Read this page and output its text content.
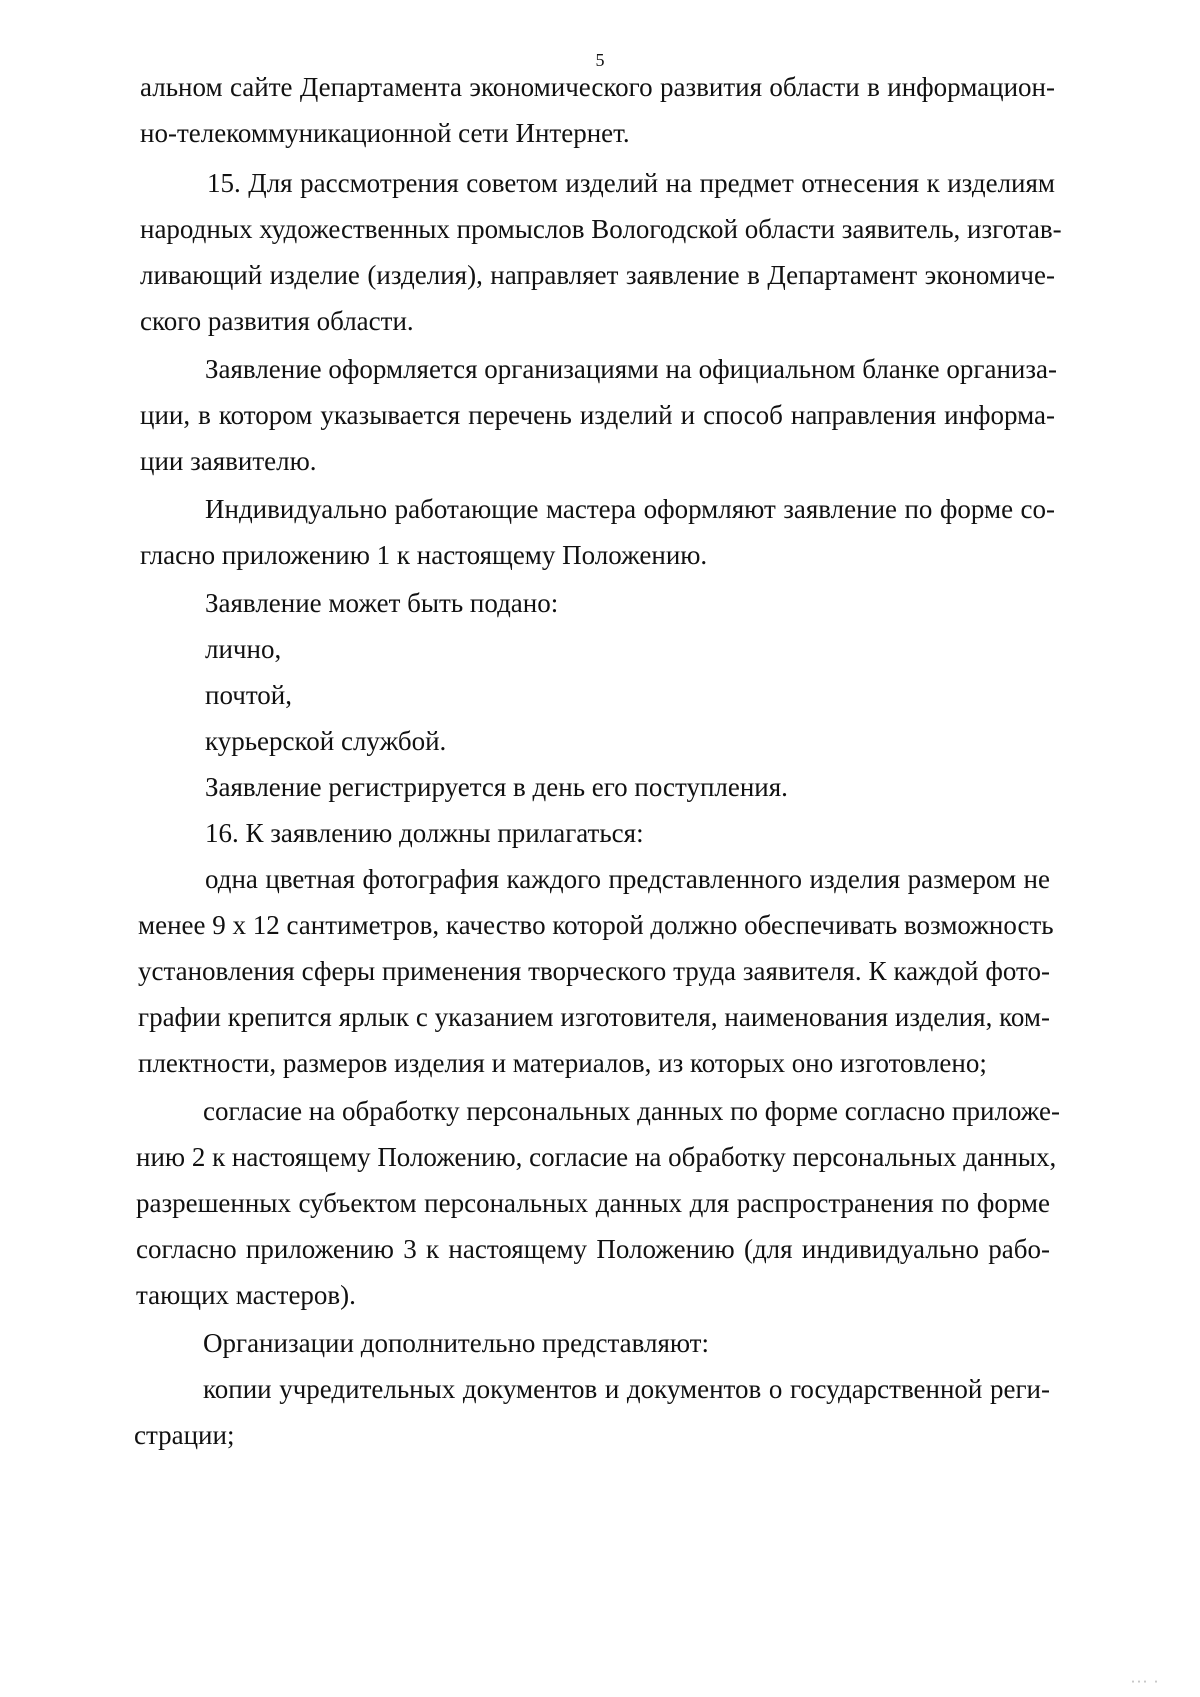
5
альном сайте Департамента экономического развития области в информацион-
но-телекоммуникационной сети Интернет.
15. Для рассмотрения советом изделий на предмет отнесения к изделиям
народных художественных промыслов Вологодской области заявитель, изготав-
ливающий изделие (изделия), направляет заявление в Департамент экономиче-
ского развития области.
Заявление оформляется организациями на официальном бланке организа-
ции, в котором указывается перечень изделий и способ направления информа-
ции заявителю.
Индивидуально работающие мастера оформляют заявление по форме со-
гласно приложению 1 к настоящему Положению.
Заявление может быть подано:
лично,
почтой,
курьерской службой.
Заявление регистрируется в день его поступления.
16. К заявлению должны прилагаться:
одна цветная фотография каждого представленного изделия размером не
менее 9 х 12 сантиметров, качество которой должно обеспечивать возможность
установления сферы применения творческого труда заявителя. К каждой фото-
графии крепится ярлык с указанием изготовителя, наименования изделия, ком-
плектности, размеров изделия и материалов, из которых оно изготовлено;
согласие на обработку персональных данных по форме согласно приложе-
нию 2 к настоящему Положению, согласие на обработку персональных данных,
разрешенных субъектом персональных данных для распространения по форме
согласно приложению 3 к настоящему Положению (для индивидуально рабо-
тающих мастеров).
Организации дополнительно представляют:
копии учредительных документов и документов о государственной реги-
страции;
ˈˈˈ ˈ
